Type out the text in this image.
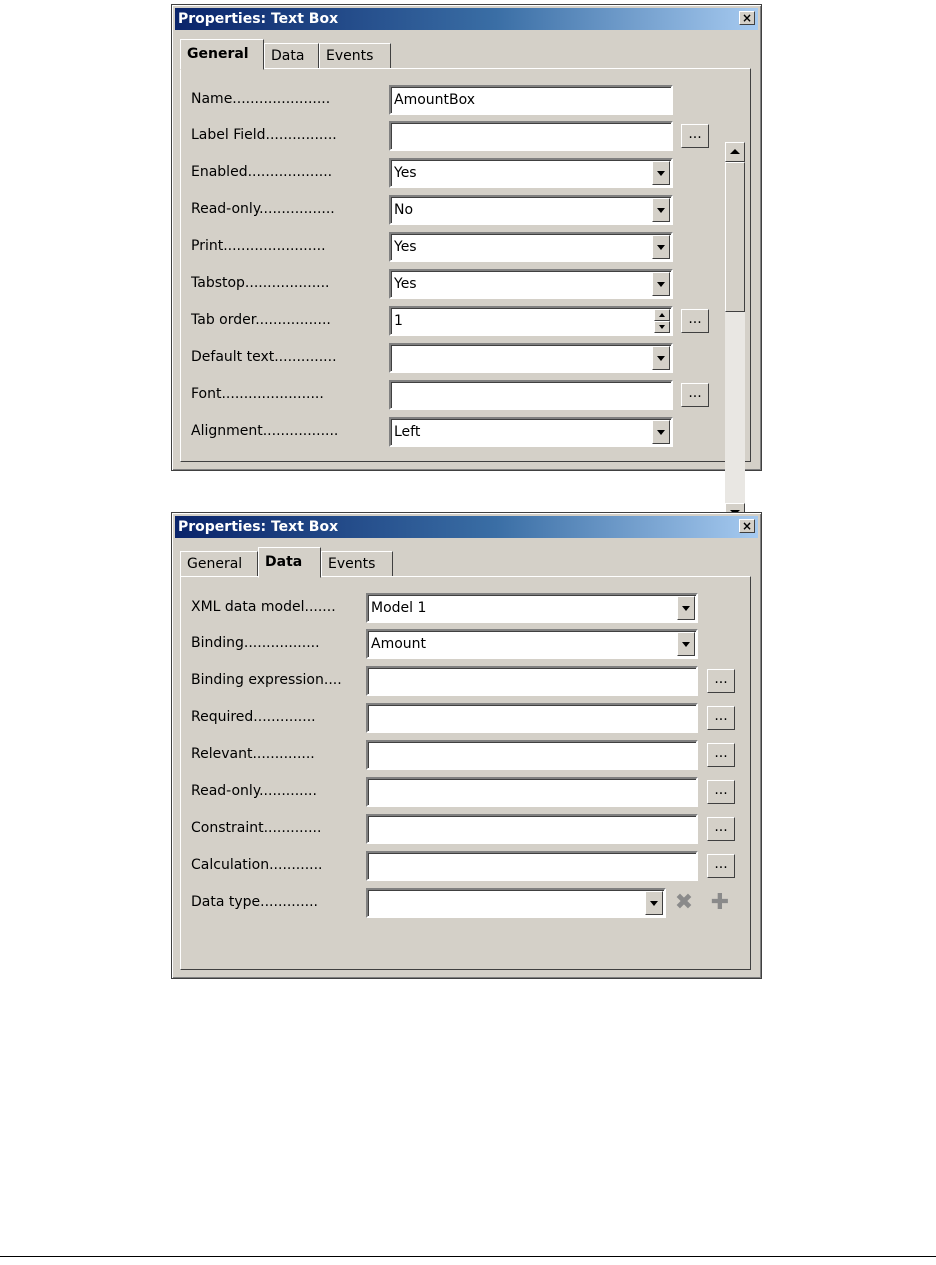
Properties: Text Box	×
General	Data	Events
Name......................	AmountBox
Label Field................	...
Enabled...................	Yes
Read-only.................	No
Print.......................	Yes
Tabstop...................	Yes
Tab order.................	1	...
Default text..............
Font.......................	...
Alignment.................	Left
Properties: Text Box	×
General	Data	Events
XML data model.......	Model 1
Binding.................	Amount
Binding expression....	...
Required..............	...
Relevant..............	...
Read-only.............	...
Constraint.............	...
Calculation............	...
Data type.............	✖ ✚
